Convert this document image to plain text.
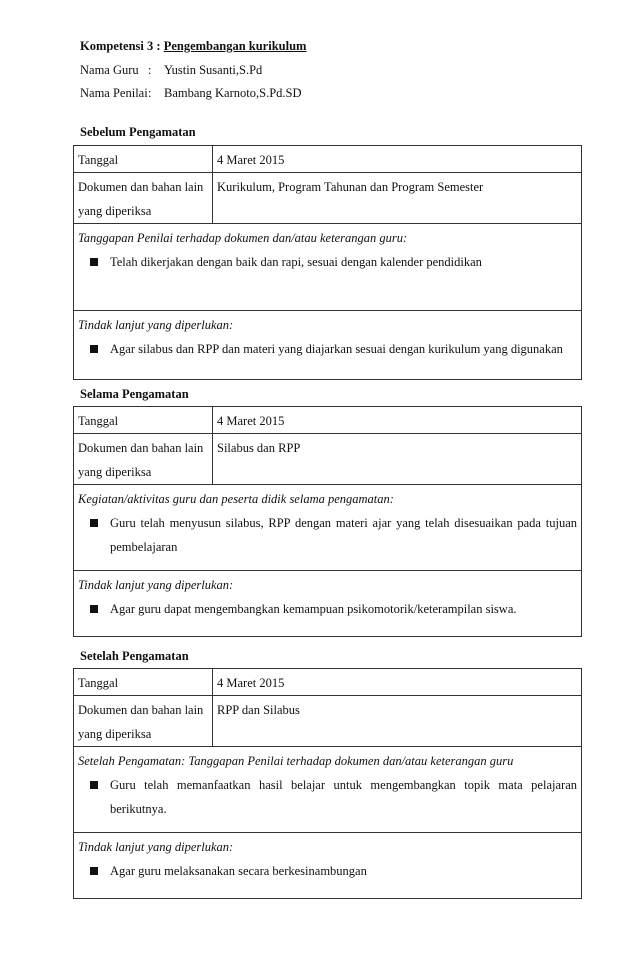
Kompetensi 3 : Pengembangan kurikulum
Nama Guru : Yustin Susanti,S.Pd
Nama Penilai: Bambang Karnoto,S.Pd.SD
Sebelum Pengamatan
Tanggal	4 Maret 2015

Dokumen dan bahan lain
yang diperiksa	Kurikulum, Program Tahunan dan Program Semester

Tanggapan Penilai terhadap dokumen dan/atau keterangan guru:
Telah dikerjakan dengan baik dan rapi, sesuai dengan kalender pendidikan	

Tindak lanjut yang diperlukan:
Agar silabus dan RPP dan materi yang diajarkan sesuai dengan kurikulum yang digunakan	
Selama Pengamatan
Tanggal	4 Maret 2015

Dokumen dan bahan lain
yang diperiksa	Silabus dan RPP

Kegiatan/aktivitas guru dan peserta didik selama pengamatan:
Guru telah menyusun silabus, RPP dengan materi ajar yang telah disesuaikan pada tujuan
pembelajaran	

Tindak lanjut yang diperlukan:
Agar guru dapat mengembangkan kemampuan psikomotorik/keterampilan siswa.	
Setelah Pengamatan
Tanggal	4 Maret 2015

Dokumen dan bahan lain
yang diperiksa	RPP dan Silabus

Setelah Pengamatan: Tanggapan Penilai terhadap dokumen dan/atau keterangan guru
Guru telah memanfaatkan hasil belajar untuk mengembangkan topik mata pelajaran
berikutnya.	

Tindak lanjut yang diperlukan:
Agar guru melaksanakan secara berkesinambungan	
